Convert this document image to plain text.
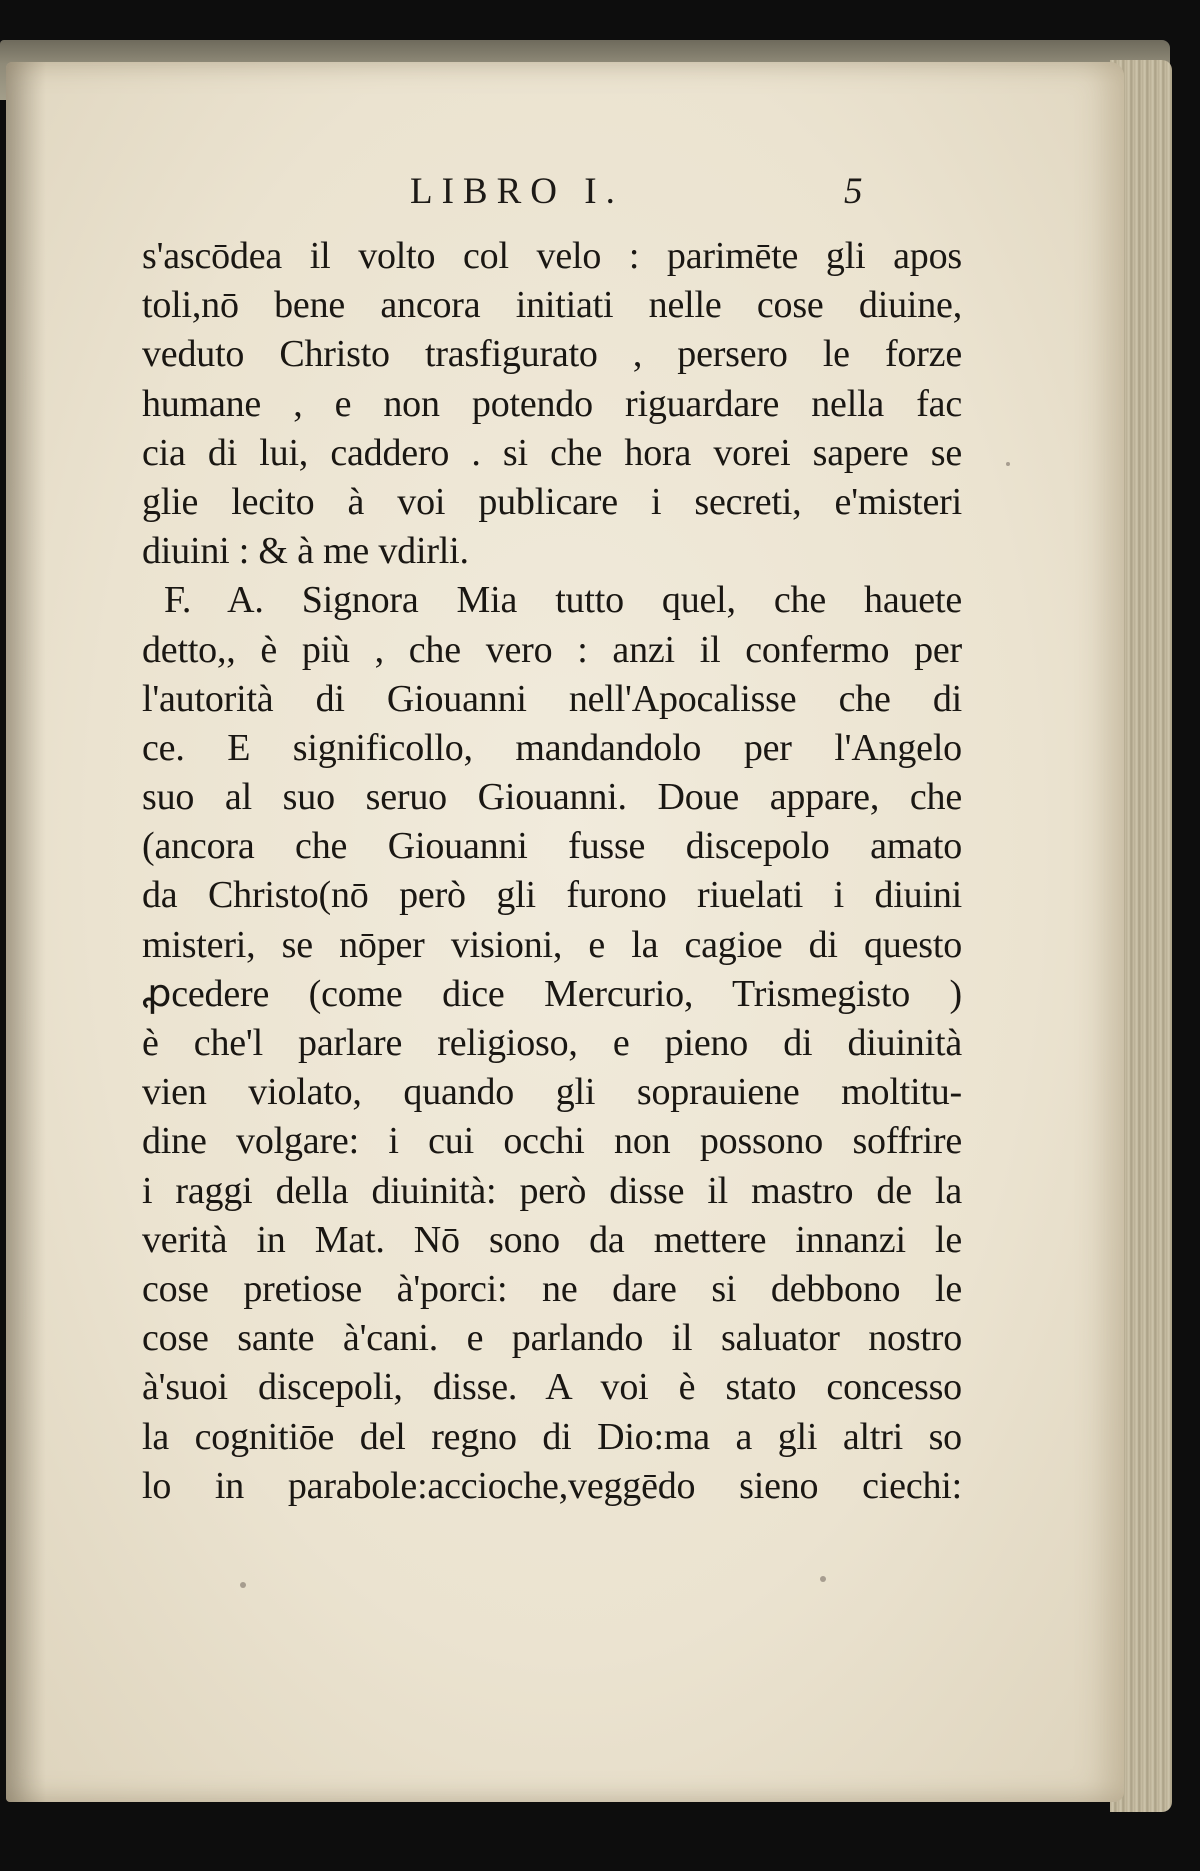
LIBRO I.	5
s'ascōdea il volto col velo : parimēte gli apos
toli,nō bene ancora initiati nelle cose diuine,
veduto Christo trasfigurato , persero le forze
humane , e non potendo riguardare nella fac
cia di lui, caddero . si che hora vorei sapere se
glie lecito à voi publicare i secreti, e'misteri
diuini : & à me vdirli.
F. A. Signora Mia tutto quel, che hauete
detto,, è più , che vero : anzi il confermo per
l'autorità di Giouanni nell'Apocalisse che di
ce. E significollo, mandandolo per l'Angelo
suo al suo seruo Giouanni. Doue appare, che
(ancora che Giouanni fusse discepolo amato
da Christo(nō però gli furono riuelati i diuini
misteri, se nōper visioni, e la cagioe di questo
ꝓcedere (come dice Mercurio, Trismegisto )
è che'l parlare religioso, e pieno di diuinità
vien violato, quando gli soprauiene moltitu-
dine volgare: i cui occhi non possono soffrire
i raggi della diuinità: però disse il mastro de la
verità in Mat. Nō sono da mettere innanzi le
cose pretiose à'porci: ne dare si debbono le
cose sante à'cani. e parlando il saluator nostro
à'suoi discepoli, disse. A voi è stato concesso
la cognitiōe del regno di Dio:ma a gli altri so
lo in parabole:accioche,veggēdo sieno ciechi:
